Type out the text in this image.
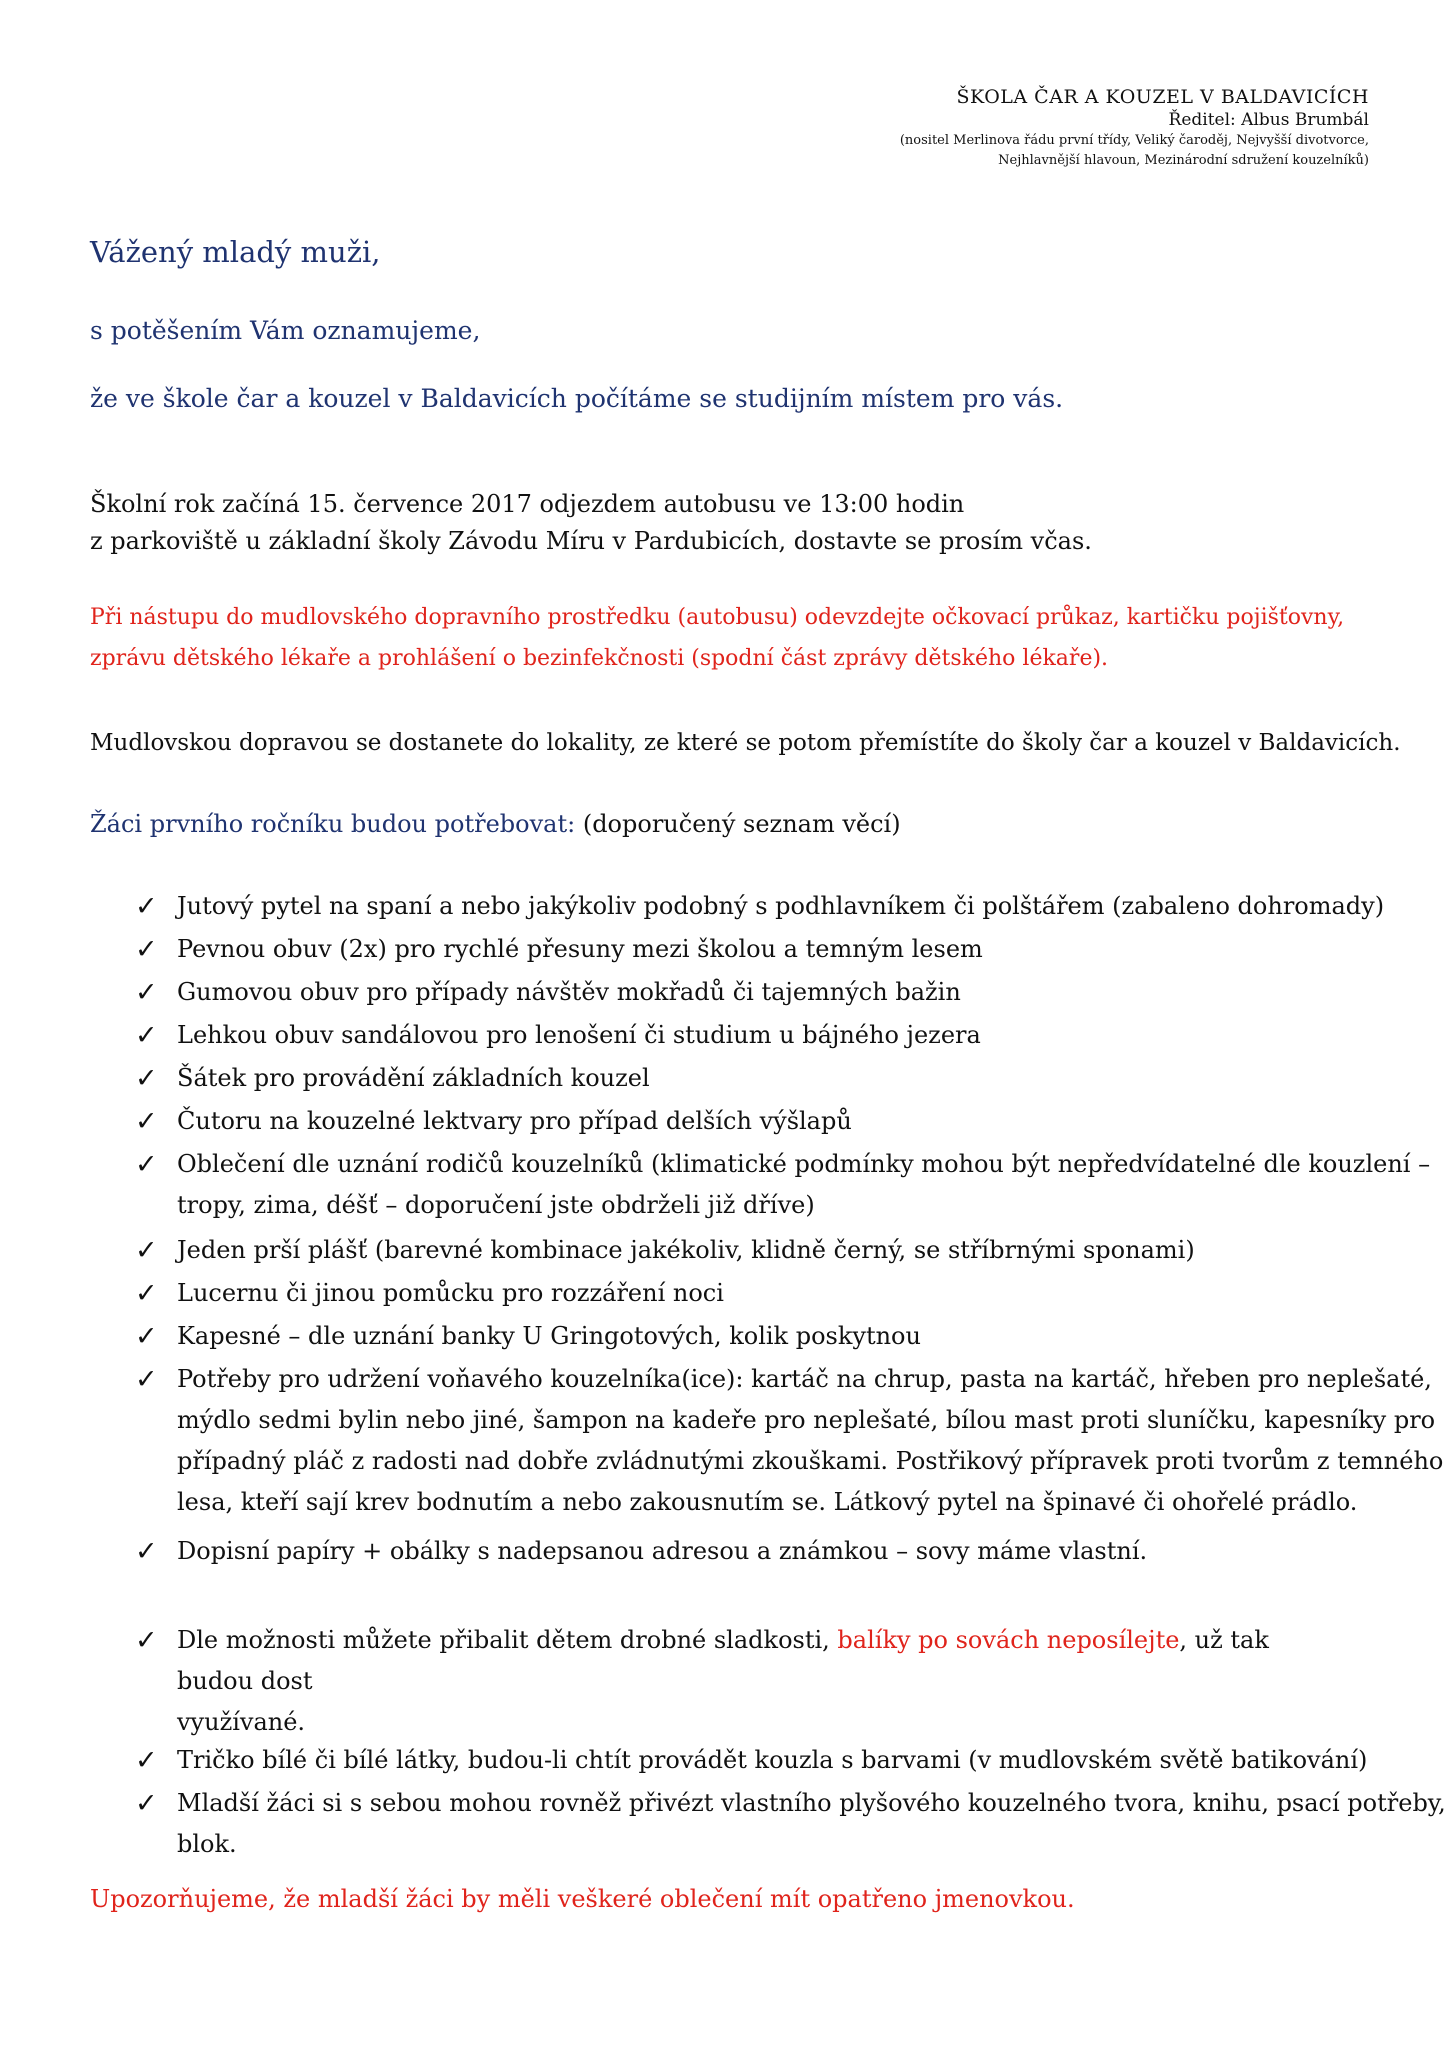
ŠKOLA ČAR A KOUZEL V BALDAVICÍCH
Ředitel: Albus Brumbál
(nositel Merlinova řádu první třídy, Veliký čaroděj, Nejvyšší divotvorce,
Nejhlavnější hlavoun, Mezinárodní sdružení kouzelníků)
Vážený mladý muži,
s potěšením Vám oznamujeme,
že ve škole čar a kouzel v Baldavicích počítáme se studijním místem pro vás.
Školní rok začíná 15. července 2017 odjezdem autobusu ve 13:00 hodin
z parkoviště u základní školy Závodu Míru v Pardubicích, dostavte se prosím včas.
Při nástupu do mudlovského dopravního prostředku (autobusu) odevzdejte očkovací průkaz, kartičku pojišťovny,
zprávu dětského lékaře a prohlášení o bezinfekčnosti (spodní část zprávy dětského lékaře).
Mudlovskou dopravou se dostanete do lokality, ze které se potom přemístíte do školy čar a kouzel v Baldavicích.
Žáci prvního ročníku budou potřebovat: (doporučený seznam věcí)
✓ Jutový pytel na spaní a nebo jakýkoliv podobný s podhlavníkem či polštářem (zabaleno dohromady)
✓ Pevnou obuv (2x) pro rychlé přesuny mezi školou a temným lesem
✓ Gumovou obuv pro případy návštěv mokřadů či tajemných bažin
✓ Lehkou obuv sandálovou pro lenošení či studium u bájného jezera
✓ Šátek pro provádění základních kouzel
✓ Čutoru na kouzelné lektvary pro případ delších výšlapů
✓ Oblečení dle uznání rodičů kouzelníků (klimatické podmínky mohou být nepředvídatelné dle kouzlení –
tropy, zima, déšť – doporučení jste obdrželi již dříve)
✓ Jeden prší plášť (barevné kombinace jakékoliv, klidně černý, se stříbrnými sponami)
✓ Lucernu či jinou pomůcku pro rozzáření noci
✓ Kapesné – dle uznání banky U Gringotových, kolik poskytnou
✓ Potřeby pro udržení voňavého kouzelníka(ice): kartáč na chrup, pasta na kartáč, hřeben pro neplešaté,
mýdlo sedmi bylin nebo jiné, šampon na kadeře pro neplešaté, bílou mast proti sluníčku, kapesníky pro
případný pláč z radosti nad dobře zvládnutými zkouškami. Postřikový přípravek proti tvorům z temného
lesa, kteří sají krev bodnutím a nebo zakousnutím se. Látkový pytel na špinavé či ohořelé prádlo.
✓ Dopisní papíry + obálky s nadepsanou adresou a známkou – sovy máme vlastní.
✓ Dle možnosti můžete přibalit dětem drobné sladkosti, balíky po sovách neposílejte, už tak budou dost
využívané.
✓ Tričko bílé či bílé látky, budou-li chtít provádět kouzla s barvami (v mudlovském světě batikování)
✓ Mladší žáci si s sebou mohou rovněž přivézt vlastního plyšového kouzelného tvora, knihu, psací potřeby,
blok.
Upozorňujeme, že mladší žáci by měli veškeré oblečení mít opatřeno jmenovkou.
